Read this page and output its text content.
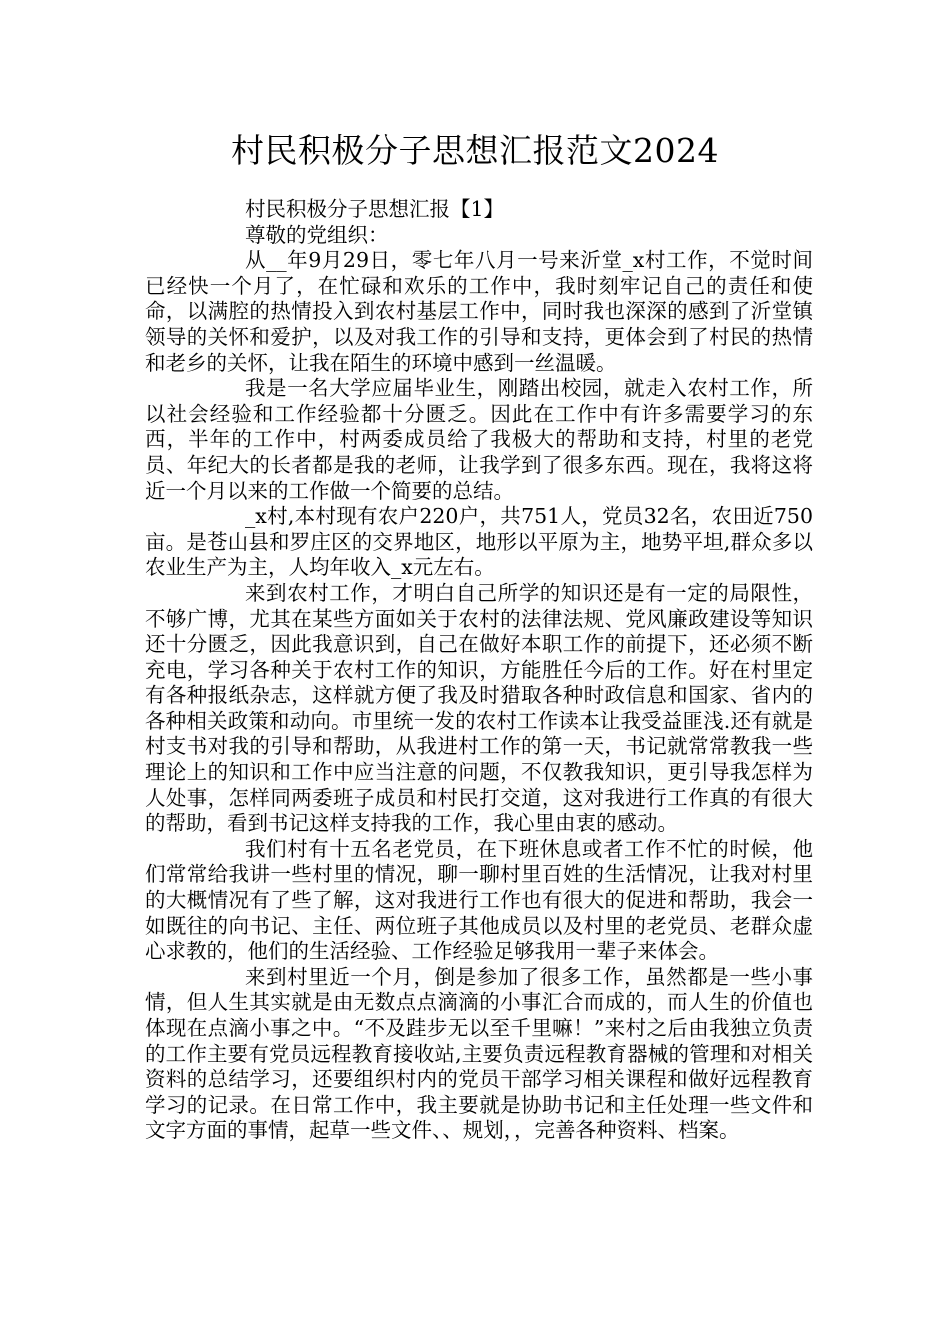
村民积极分子思想汇报范文2024

村民积极分子思想汇报【1】

尊敬的党组织：

从__年9月29日，零七年八月一号来沂堂_x村工作，不觉时间已经快一个月了，在忙碌和欢乐的工作中，我时刻牢记自己的责任和使命，以满腔的热情投入到农村基层工作中，同时我也深深的感到了沂堂镇领导的关怀和爱护，以及对我工作的引导和支持，更体会到了村民的热情和老乡的关怀，让我在陌生的环境中感到一丝温暖。

我是一名大学应届毕业生，刚踏出校园，就走入农村工作，所以社会经验和工作经验都十分匮乏。因此在工作中有许多需要学习的东西，半年的工作中，村两委成员给了我极大的帮助和支持，村里的老党员、年纪大的长者都是我的老师，让我学到了很多东西。现在，我将这将近一个月以来的工作做一个简要的总结。

_x村,本村现有农户220户，共751人，党员32名，农田近750亩。是苍山县和罗庄区的交界地区，地形以平原为主，地势平坦,群众多以农业生产为主，人均年收入_x元左右。

来到农村工作，才明白自己所学的知识还是有一定的局限性，不够广博，尤其在某些方面如关于农村的法律法规、党风廉政建设等知识还十分匮乏，因此我意识到，自己在做好本职工作的前提下，还必须不断充电，学习各种关于农村工作的知识，方能胜任今后的工作。好在村里定有各种报纸杂志，这样就方便了我及时猎取各种时政信息和国家、省内的各种相关政策和动向。市里统一发的农村工作读本让我受益匪浅.还有就是村支书对我的引导和帮助，从我进村工作的第一天，书记就常常教我一些理论上的知识和工作中应当注意的问题，不仅教我知识，更引导我怎样为人处事，怎样同两委班子成员和村民打交道，这对我进行工作真的有很大的帮助，看到书记这样支持我的工作，我心里由衷的感动。

我们村有十五名老党员，在下班休息或者工作不忙的时候，他们常常给我讲一些村里的情况，聊一聊村里百姓的生活情况，让我对村里的大概情况有了些了解，这对我进行工作也有很大的促进和帮助，我会一如既往的向书记、主任、两位班子其他成员以及村里的老党员、老群众虚心求教的，他们的生活经验、工作经验足够我用一辈子来体会。

来到村里近一个月，倒是参加了很多工作，虽然都是一些小事情，但人生其实就是由无数点点滴滴的小事汇合而成的，而人生的价值也体现在点滴小事之中。“不及跬步无以至千里嘛！”来村之后由我独立负责的工作主要有党员远程教育接收站,主要负责远程教育器械的管理和对相关资料的总结学习，还要组织村内的党员干部学习相关课程和做好远程教育学习的记录。在日常工作中，我主要就是协助书记和主任处理一些文件和文字方面的事情，起草一些文件、、规划，，完善各种资料、档案。
